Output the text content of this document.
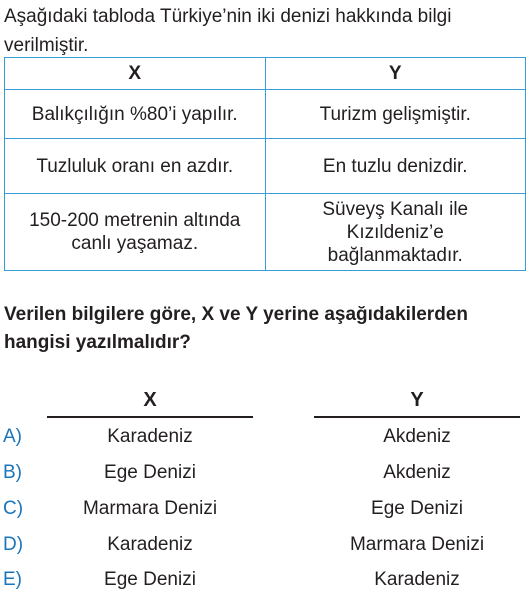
Aşağıdaki tabloda Türkiye’nin iki denizi hakkında bilgi verilmiştir.

X	Y
Balıkçılığın %80’i yapılır.	Turizm gelişmiştir.
Tuzluluk oranı en azdır.	En tuzlu denizdir.
150-200 metrenin altında canlı yaşamaz.	Süveyş Kanalı ile Kızıldeniz’e bağlanmaktadır.

Verilen bilgilere göre, X ve Y yerine aşağıdakilerden hangisi yazılmalıdır?

X	Y
A)	Karadeniz	Akdeniz
B)	Ege Denizi	Akdeniz
C)	Marmara Denizi	Ege Denizi
D)	Karadeniz	Marmara Denizi
E)	Ege Denizi	Karadeniz
